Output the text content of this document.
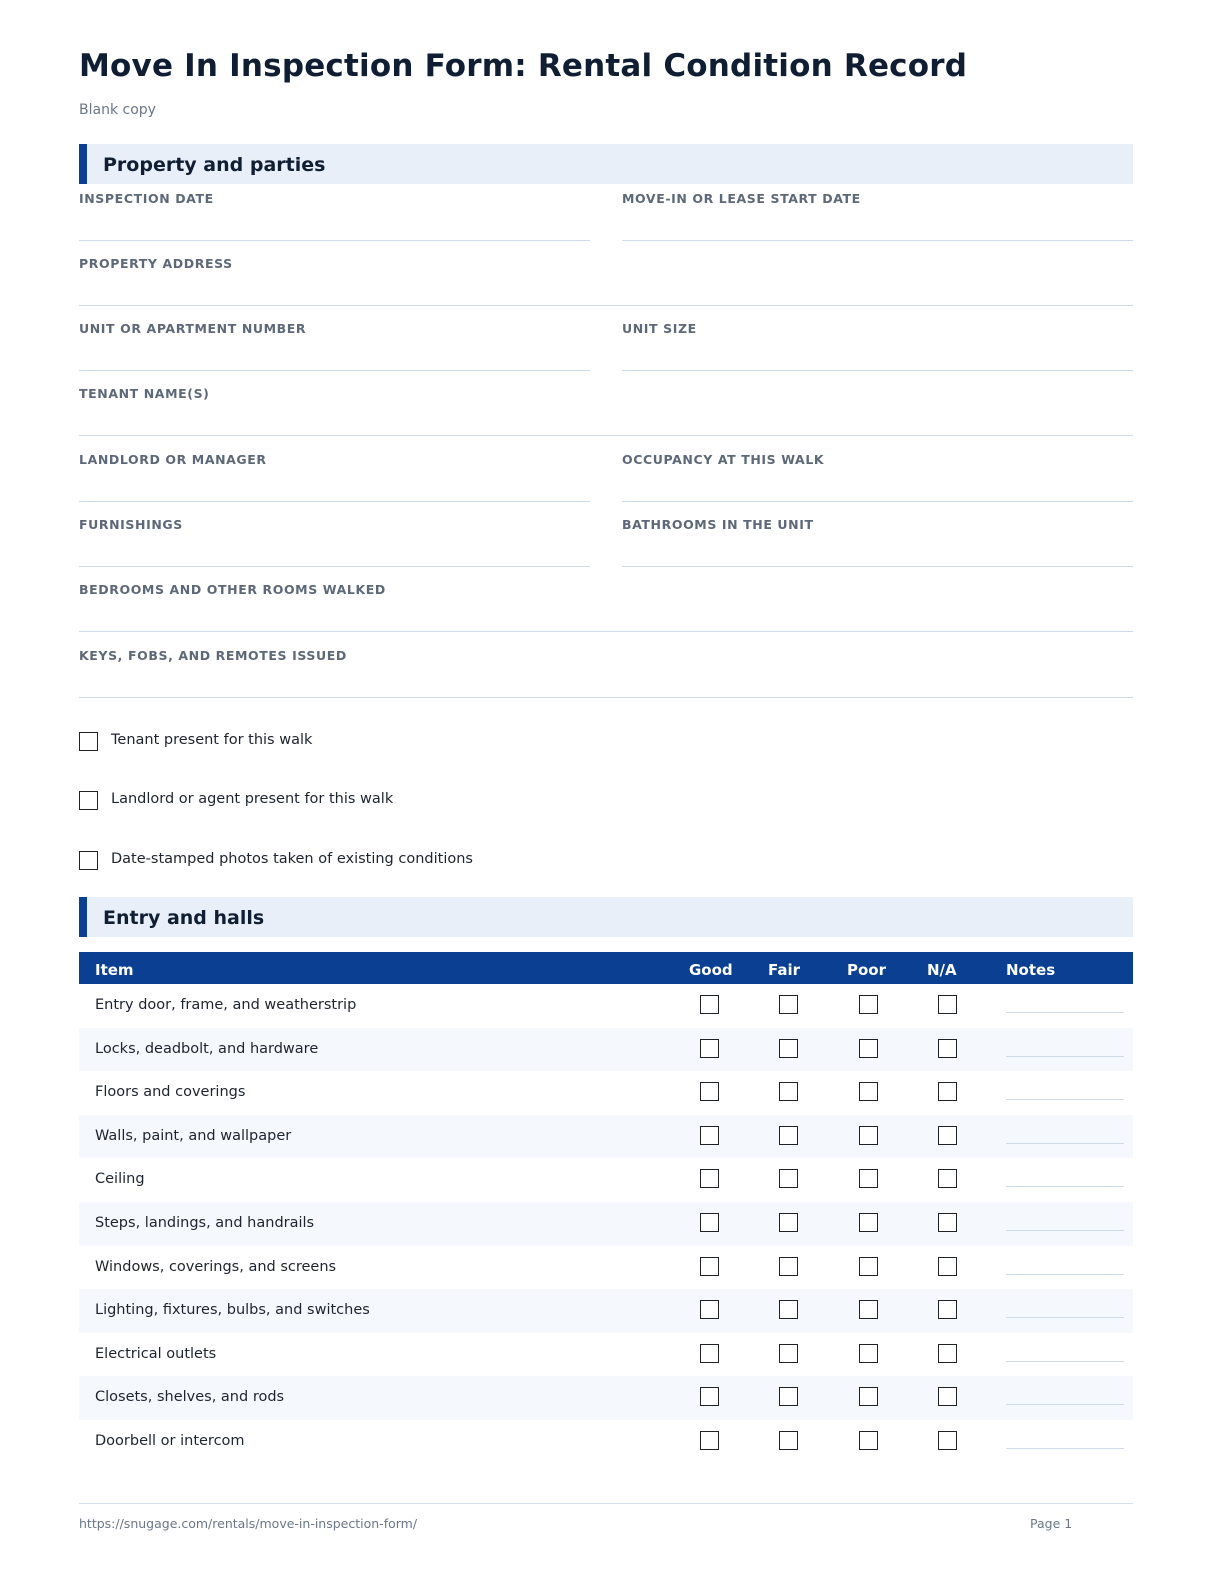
Move In Inspection Form: Rental Condition Record
Blank copy
Property and parties
INSPECTION DATE	MOVE-IN OR LEASE START DATE
PROPERTY ADDRESS
UNIT OR APARTMENT NUMBER	UNIT SIZE
TENANT NAME(S)
LANDLORD OR MANAGER	OCCUPANCY AT THIS WALK
FURNISHINGS	BATHROOMS IN THE UNIT
BEDROOMS AND OTHER ROOMS WALKED
KEYS, FOBS, AND REMOTES ISSUED
Tenant present for this walk
Landlord or agent present for this walk
Date-stamped photos taken of existing conditions
Entry and halls
Item	Good Fair	Poor	N/A	Notes
Entry door, frame, and weatherstrip
Locks, deadbolt, and hardware
Floors and coverings
Walls, paint, and wallpaper
Ceiling
Steps, landings, and handrails
Windows, coverings, and screens
Lighting, fixtures, bulbs, and switches
Electrical outlets
Closets, shelves, and rods
Doorbell or intercom
https://snugage.com/rentals/move-in-inspection-form/	Page 1
